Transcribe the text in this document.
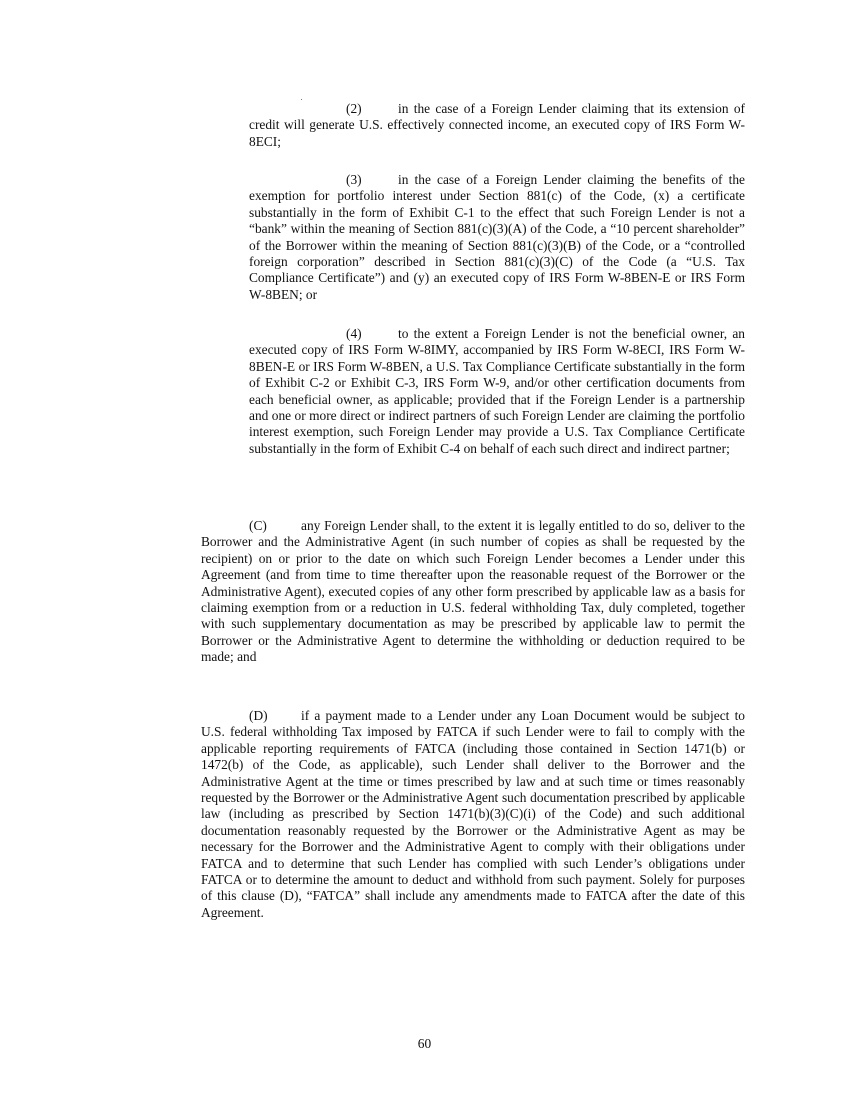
(2)	in the case of a Foreign Lender claiming that its extension of credit will generate U.S. effectively connected income, an executed copy of IRS Form W-8ECI;

(3)	in the case of a Foreign Lender claiming the benefits of the exemption for portfolio interest under Section 881(c) of the Code, (x) a certificate substantially in the form of Exhibit C-1 to the effect that such Foreign Lender is not a “bank” within the meaning of Section 881(c)(3)(A) of the Code, a “10 percent shareholder” of the Borrower within the meaning of Section 881(c)(3)(B) of the Code, or a “controlled foreign corporation” described in Section 881(c)(3)(C) of the Code (a “U.S. Tax Compliance Certificate”) and (y) an executed copy of IRS Form W-8BEN-E or IRS Form W-8BEN; or

(4)	to the extent a Foreign Lender is not the beneficial owner, an executed copy of IRS Form W-8IMY, accompanied by IRS Form W-8ECI, IRS Form W-8BEN-E or IRS Form W-8BEN, a U.S. Tax Compliance Certificate substantially in the form of Exhibit C-2 or Exhibit C-3, IRS Form W-9, and/or other certification documents from each beneficial owner, as applicable; provided that if the Foreign Lender is a partnership and one or more direct or indirect partners of such Foreign Lender are claiming the portfolio interest exemption, such Foreign Lender may provide a U.S. Tax Compliance Certificate substantially in the form of Exhibit C-4 on behalf of each such direct and indirect partner;

(C)	any Foreign Lender shall, to the extent it is legally entitled to do so, deliver to the Borrower and the Administrative Agent (in such number of copies as shall be requested by the recipient) on or prior to the date on which such Foreign Lender becomes a Lender under this Agreement (and from time to time thereafter upon the reasonable request of the Borrower or the Administrative Agent), executed copies of any other form prescribed by applicable law as a basis for claiming exemption from or a reduction in U.S. federal withholding Tax, duly completed, together with such supplementary documentation as may be prescribed by applicable law to permit the Borrower or the Administrative Agent to determine the withholding or deduction required to be made; and

(D) if a payment made to a Lender under any Loan Document would be subject to U.S. federal withholding Tax imposed by FATCA if such Lender were to fail to comply with the applicable reporting requirements of FATCA (including those contained in Section 1471(b) or 1472(b) of the Code, as applicable), such Lender shall deliver to the Borrower and the Administrative Agent at the time or times prescribed by law and at such time or times reasonably requested by the Borrower or the Administrative Agent such documentation prescribed by applicable law (including as prescribed by Section 1471(b)(3)(C)(i) of the Code) and such additional documentation reasonably requested by the Borrower or the Administrative Agent as may be necessary for the Borrower and the Administrative Agent to comply with their obligations under FATCA and to determine that such Lender has complied with such Lender’s obligations under FATCA or to determine the amount to deduct and withhold from such payment. Solely for purposes of this clause (D), “FATCA” shall include any amendments made to FATCA after the date of this Agreement.

60
